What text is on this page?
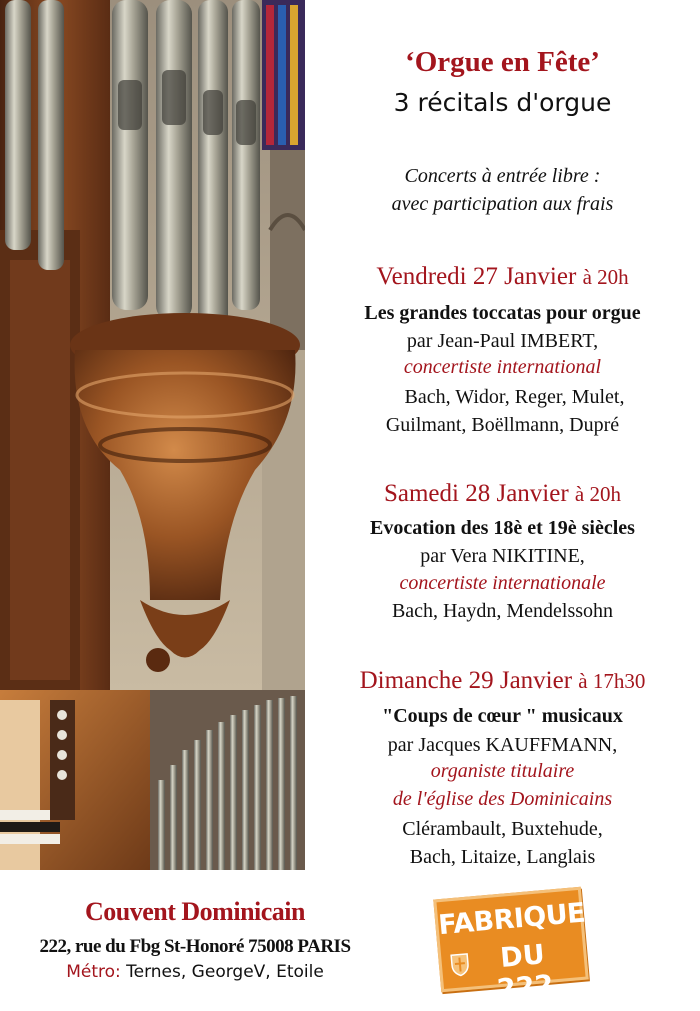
‘Orgue en Fête’
3 récitals d'orgue
Concerts à entrée libre :
avec participation aux frais
Vendredi 27 Janvier à 20h
Les grandes toccatas pour orgue
par Jean-Paul IMBERT,
concertiste international
Bach, Widor, Reger, Mulet,
Guilmant, Boëllmann, Dupré
Samedi 28 Janvier à 20h
Evocation des 18è et 19è siècles
par Vera NIKITINE,
concertiste internationale
Bach, Haydn, Mendelssohn
Dimanche 29 Janvier à 17h30
"Coups de cœur " musicaux
par Jacques KAUFFMANN,
organiste titulaire
de l'église des Dominicains
Clérambault, Buxtehude,
Bach, Litaize, Langlais
Couvent Dominicain
222, rue du Fbg St-Honoré 75008 PARIS
Métro: Ternes, GeorgeV, Etoile
FABRIQUE
DU 222
